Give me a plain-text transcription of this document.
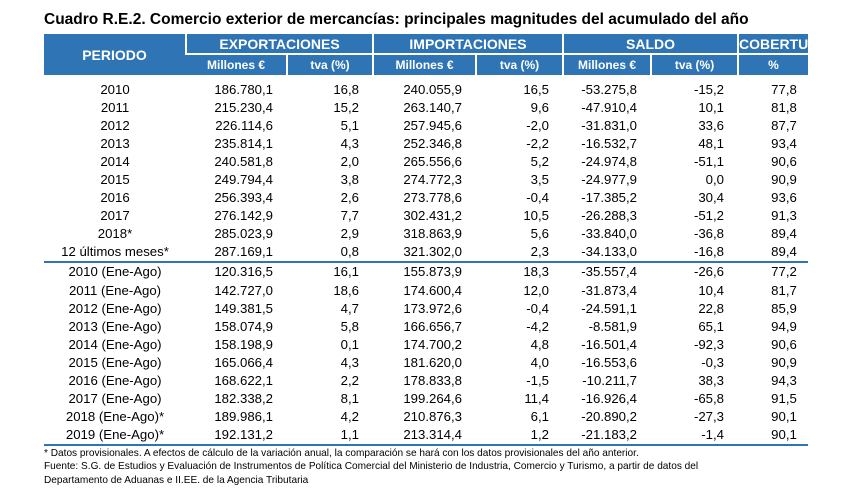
Cuadro R.E.2. Comercio exterior de mercancías: principales magnitudes del acumulado del año
PERIODO	EXPORTACIONES		IMPORTACIONES		SALDO		COBERTURA
	Millones €	tva (%)	Millones €	tva (%)	Millones €	tva (%)	%
2010	186.780,1	16,8	240.055,9	16,5	-53.275,8	-15,2	77,8
2011	215.230,4	15,2	263.140,7	9,6	-47.910,4	10,1	81,8
2012	226.114,6	5,1	257.945,6	-2,0	-31.831,0	33,6	87,7
2013	235.814,1	4,3	252.346,8	-2,2	-16.532,7	48,1	93,4
2014	240.581,8	2,0	265.556,6	5,2	-24.974,8	-51,1	90,6
2015	249.794,4	3,8	274.772,3	3,5	-24.977,9	0,0	90,9
2016	256.393,4	2,6	273.778,6	-0,4	-17.385,2	30,4	93,6
2017	276.142,9	7,7	302.431,2	10,5	-26.288,3	-51,2	91,3
2018*	285.023,9	2,9	318.863,9	5,6	-33.840,0	-36,8	89,4
12 últimos meses*	287.169,1	0,8	321.302,0	2,3	-34.133,0	-16,8	89,4
2010 (Ene-Ago)	120.316,5	16,1	155.873,9	18,3	-35.557,4	-26,6	77,2
2011 (Ene-Ago)	142.727,0	18,6	174.600,4	12,0	-31.873,4	10,4	81,7
2012 (Ene-Ago)	149.381,5	4,7	173.972,6	-0,4	-24.591,1	22,8	85,9
2013 (Ene-Ago)	158.074,9	5,8	166.656,7	-4,2	-8.581,9	65,1	94,9
2014 (Ene-Ago)	158.198,9	0,1	174.700,2	4,8	-16.501,4	-92,3	90,6
2015 (Ene-Ago)	165.066,4	4,3	181.620,0	4,0	-16.553,6	-0,3	90,9
2016 (Ene-Ago)	168.622,1	2,2	178.833,8	-1,5	-10.211,7	38,3	94,3
2017 (Ene-Ago)	182.338,2	8,1	199.264,6	11,4	-16.926,4	-65,8	91,5
2018 (Ene-Ago)*	189.986,1	4,2	210.876,3	6,1	-20.890,2	-27,3	90,1
2019 (Ene-Ago)*	192.131,2	1,1	213.314,4	1,2	-21.183,2	-1,4	90,1
* Datos provisionales. A efectos de cálculo de la variación anual, la comparación se hará con los datos provisionales del año anterior.
Fuente: S.G. de Estudios y Evaluación de Instrumentos de Política Comercial del Ministerio de Industria, Comercio y Turismo, a partir de datos del
Departamento de Aduanas e II.EE. de la Agencia Tributaria
